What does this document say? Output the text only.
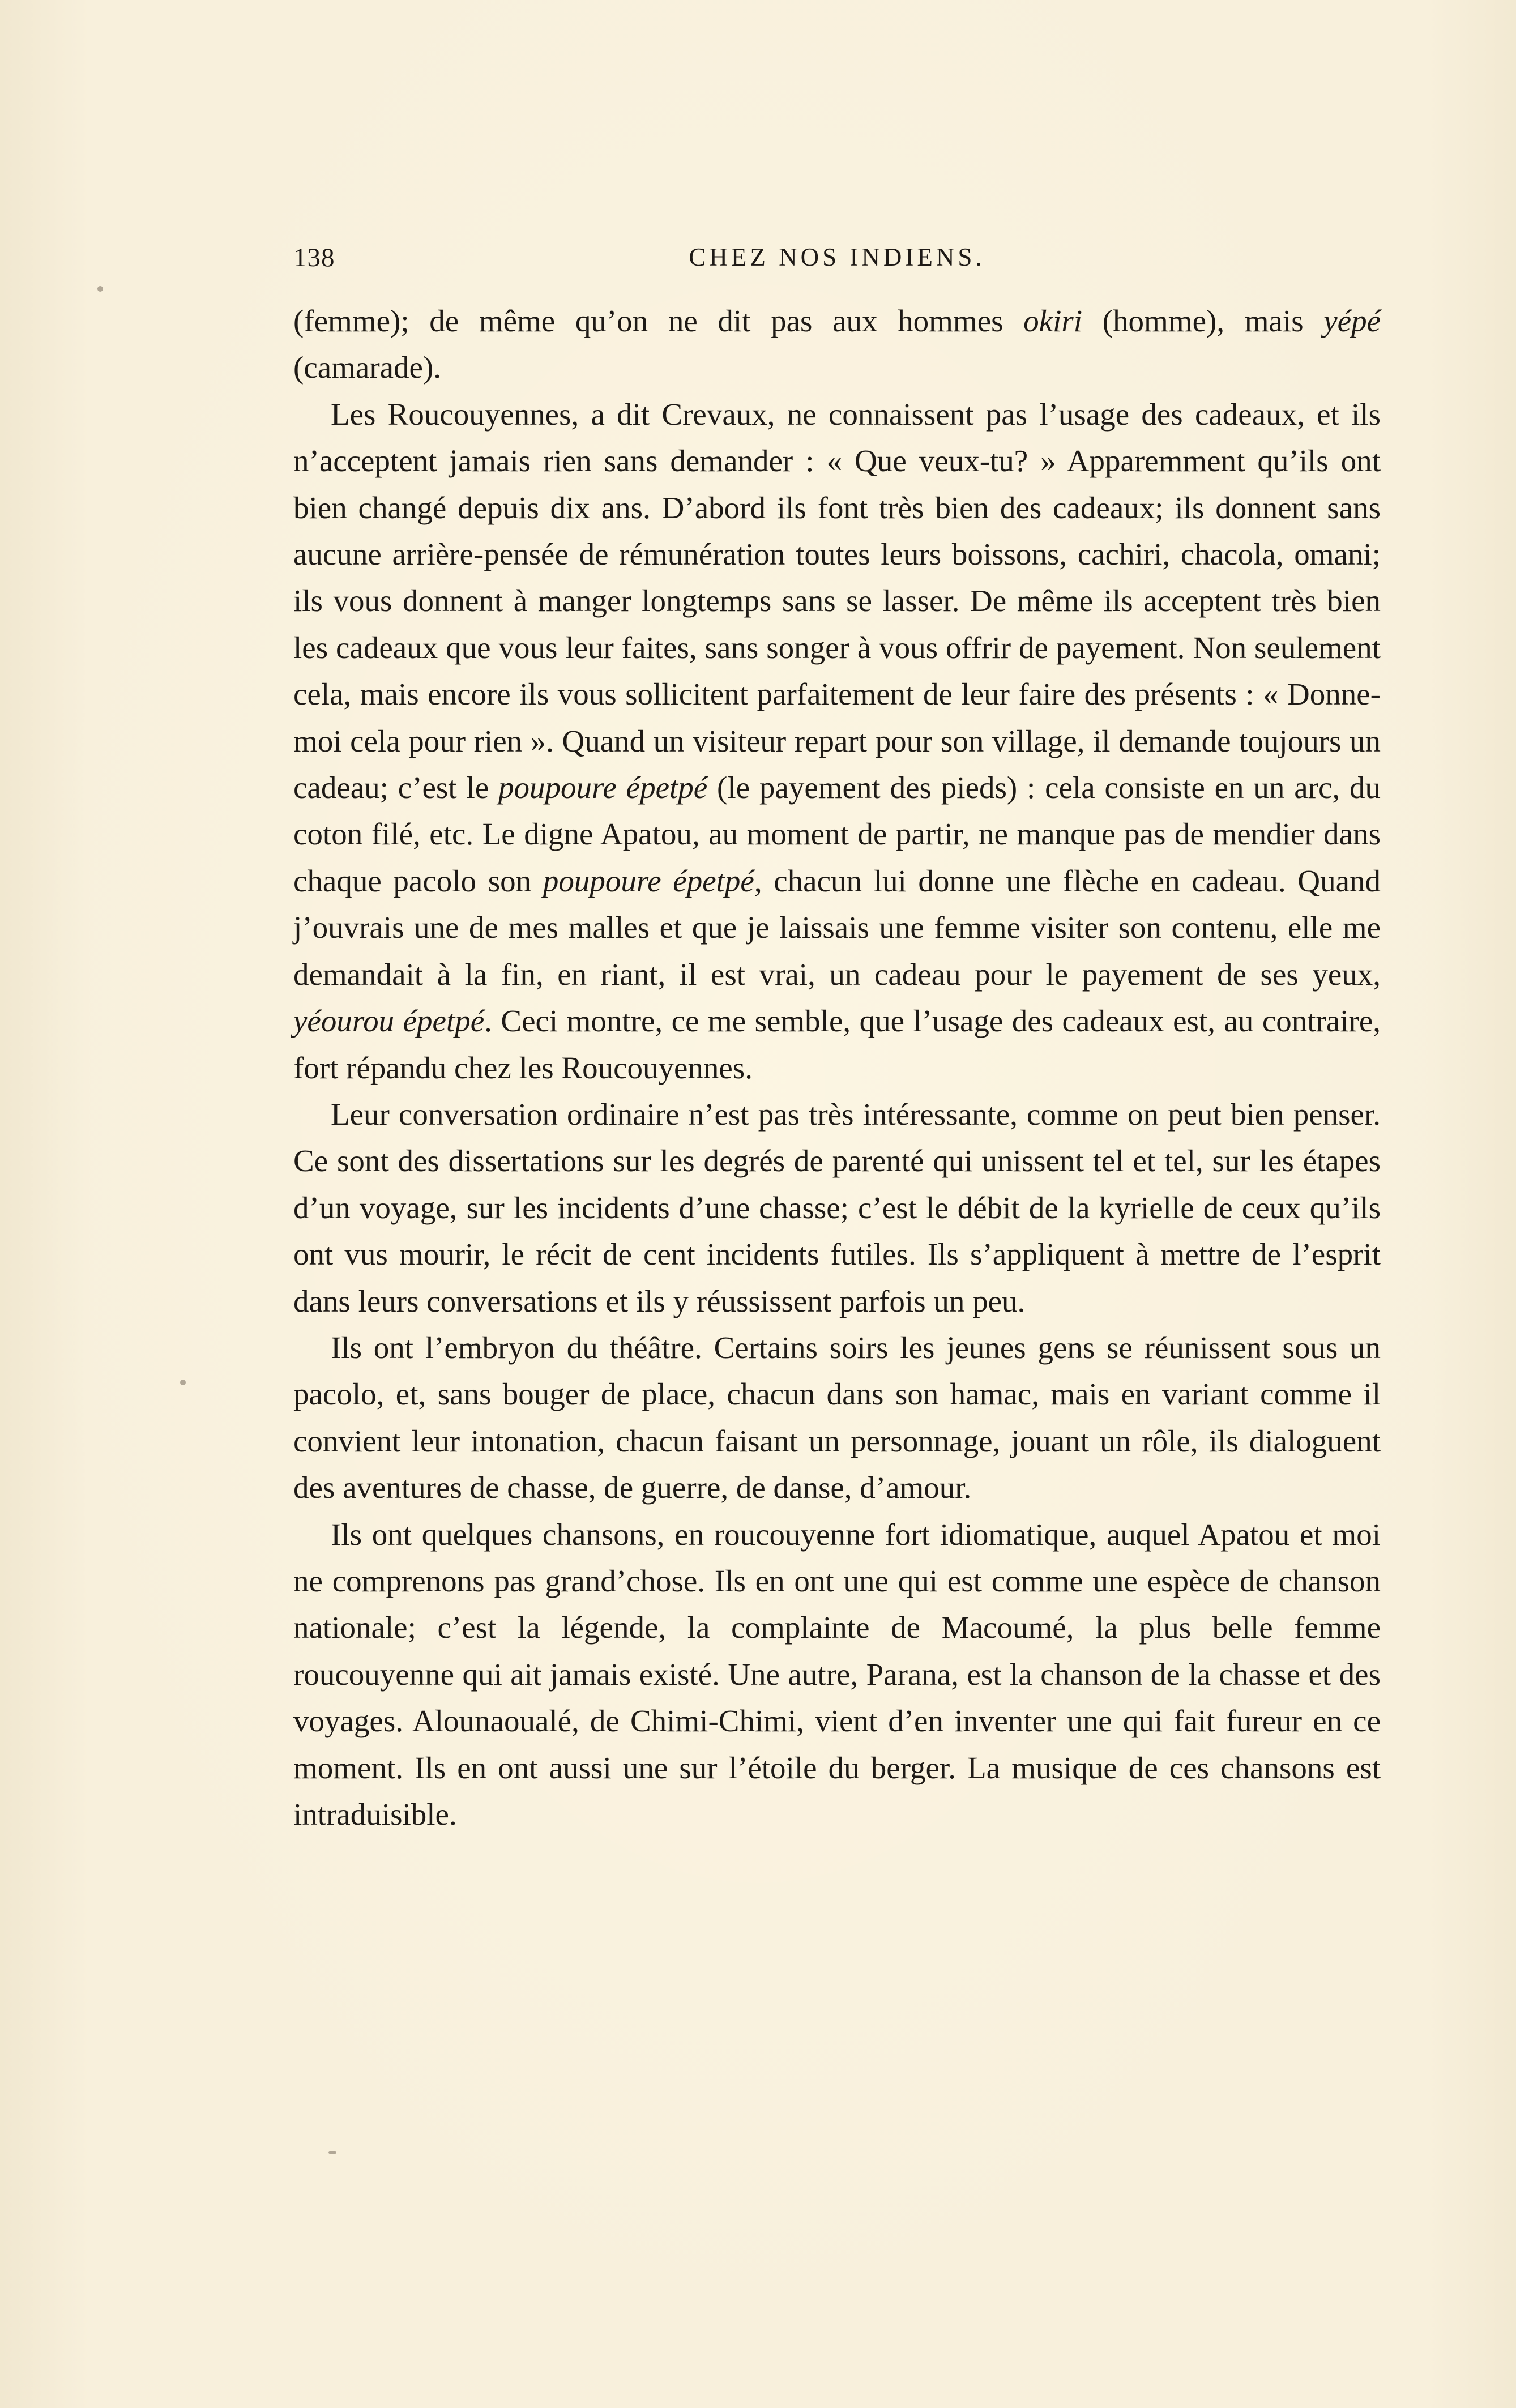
138	CHEZ NOS INDIENS.

(femme); de même qu’on ne dit pas aux hommes okiri (homme), mais yépé (camarade).

Les Roucouyennes, a dit Crevaux, ne connaissent pas l’usage des cadeaux, et ils n’acceptent jamais rien sans demander : « Que veux-tu? » Apparemment qu’ils ont bien changé depuis dix ans. D’abord ils font très bien des cadeaux; ils donnent sans aucune arrière-pensée de rémunération toutes leurs boissons, cachiri, chacola, omani; ils vous donnent à manger longtemps sans se lasser. De même ils acceptent très bien les cadeaux que vous leur faites, sans songer à vous offrir de payement. Non seulement cela, mais encore ils vous sollicitent parfaitement de leur faire des présents : « Donne-moi cela pour rien ». Quand un visiteur repart pour son village, il demande toujours un cadeau; c’est le poupoure épetpé (le payement des pieds) : cela consiste en un arc, du coton filé, etc. Le digne Apatou, au moment de partir, ne manque pas de mendier dans chaque pacolo son poupoure épetpé, chacun lui donne une flèche en cadeau. Quand j’ouvrais une de mes malles et que je laissais une femme visiter son contenu, elle me demandait à la fin, en riant, il est vrai, un cadeau pour le payement de ses yeux, yéourou épetpé. Ceci montre, ce me semble, que l’usage des cadeaux est, au contraire, fort répandu chez les Roucouyennes.

Leur conversation ordinaire n’est pas très intéressante, comme on peut bien penser. Ce sont des dissertations sur les degrés de parenté qui unissent tel et tel, sur les étapes d’un voyage, sur les incidents d’une chasse; c’est le débit de la kyrielle de ceux qu’ils ont vus mourir, le récit de cent incidents futiles. Ils s’appliquent à mettre de l’esprit dans leurs conversations et ils y réussissent parfois un peu.

Ils ont l’embryon du théâtre. Certains soirs les jeunes gens se réunissent sous un pacolo, et, sans bouger de place, chacun dans son hamac, mais en variant comme il convient leur intonation, chacun faisant un personnage, jouant un rôle, ils dialoguent des aventures de chasse, de guerre, de danse, d’amour.

Ils ont quelques chansons, en roucouyenne fort idiomatique, auquel Apatou et moi ne comprenons pas grand’chose. Ils en ont une qui est comme une espèce de chanson nationale; c’est la légende, la complainte de Macoumé, la plus belle femme roucouyenne qui ait jamais existé. Une autre, Parana, est la chanson de la chasse et des voyages. Alounaoualé, de Chimi-Chimi, vient d’en inventer une qui fait fureur en ce moment. Ils en ont aussi une sur l’étoile du berger. La musique de ces chansons est intraduisible.
